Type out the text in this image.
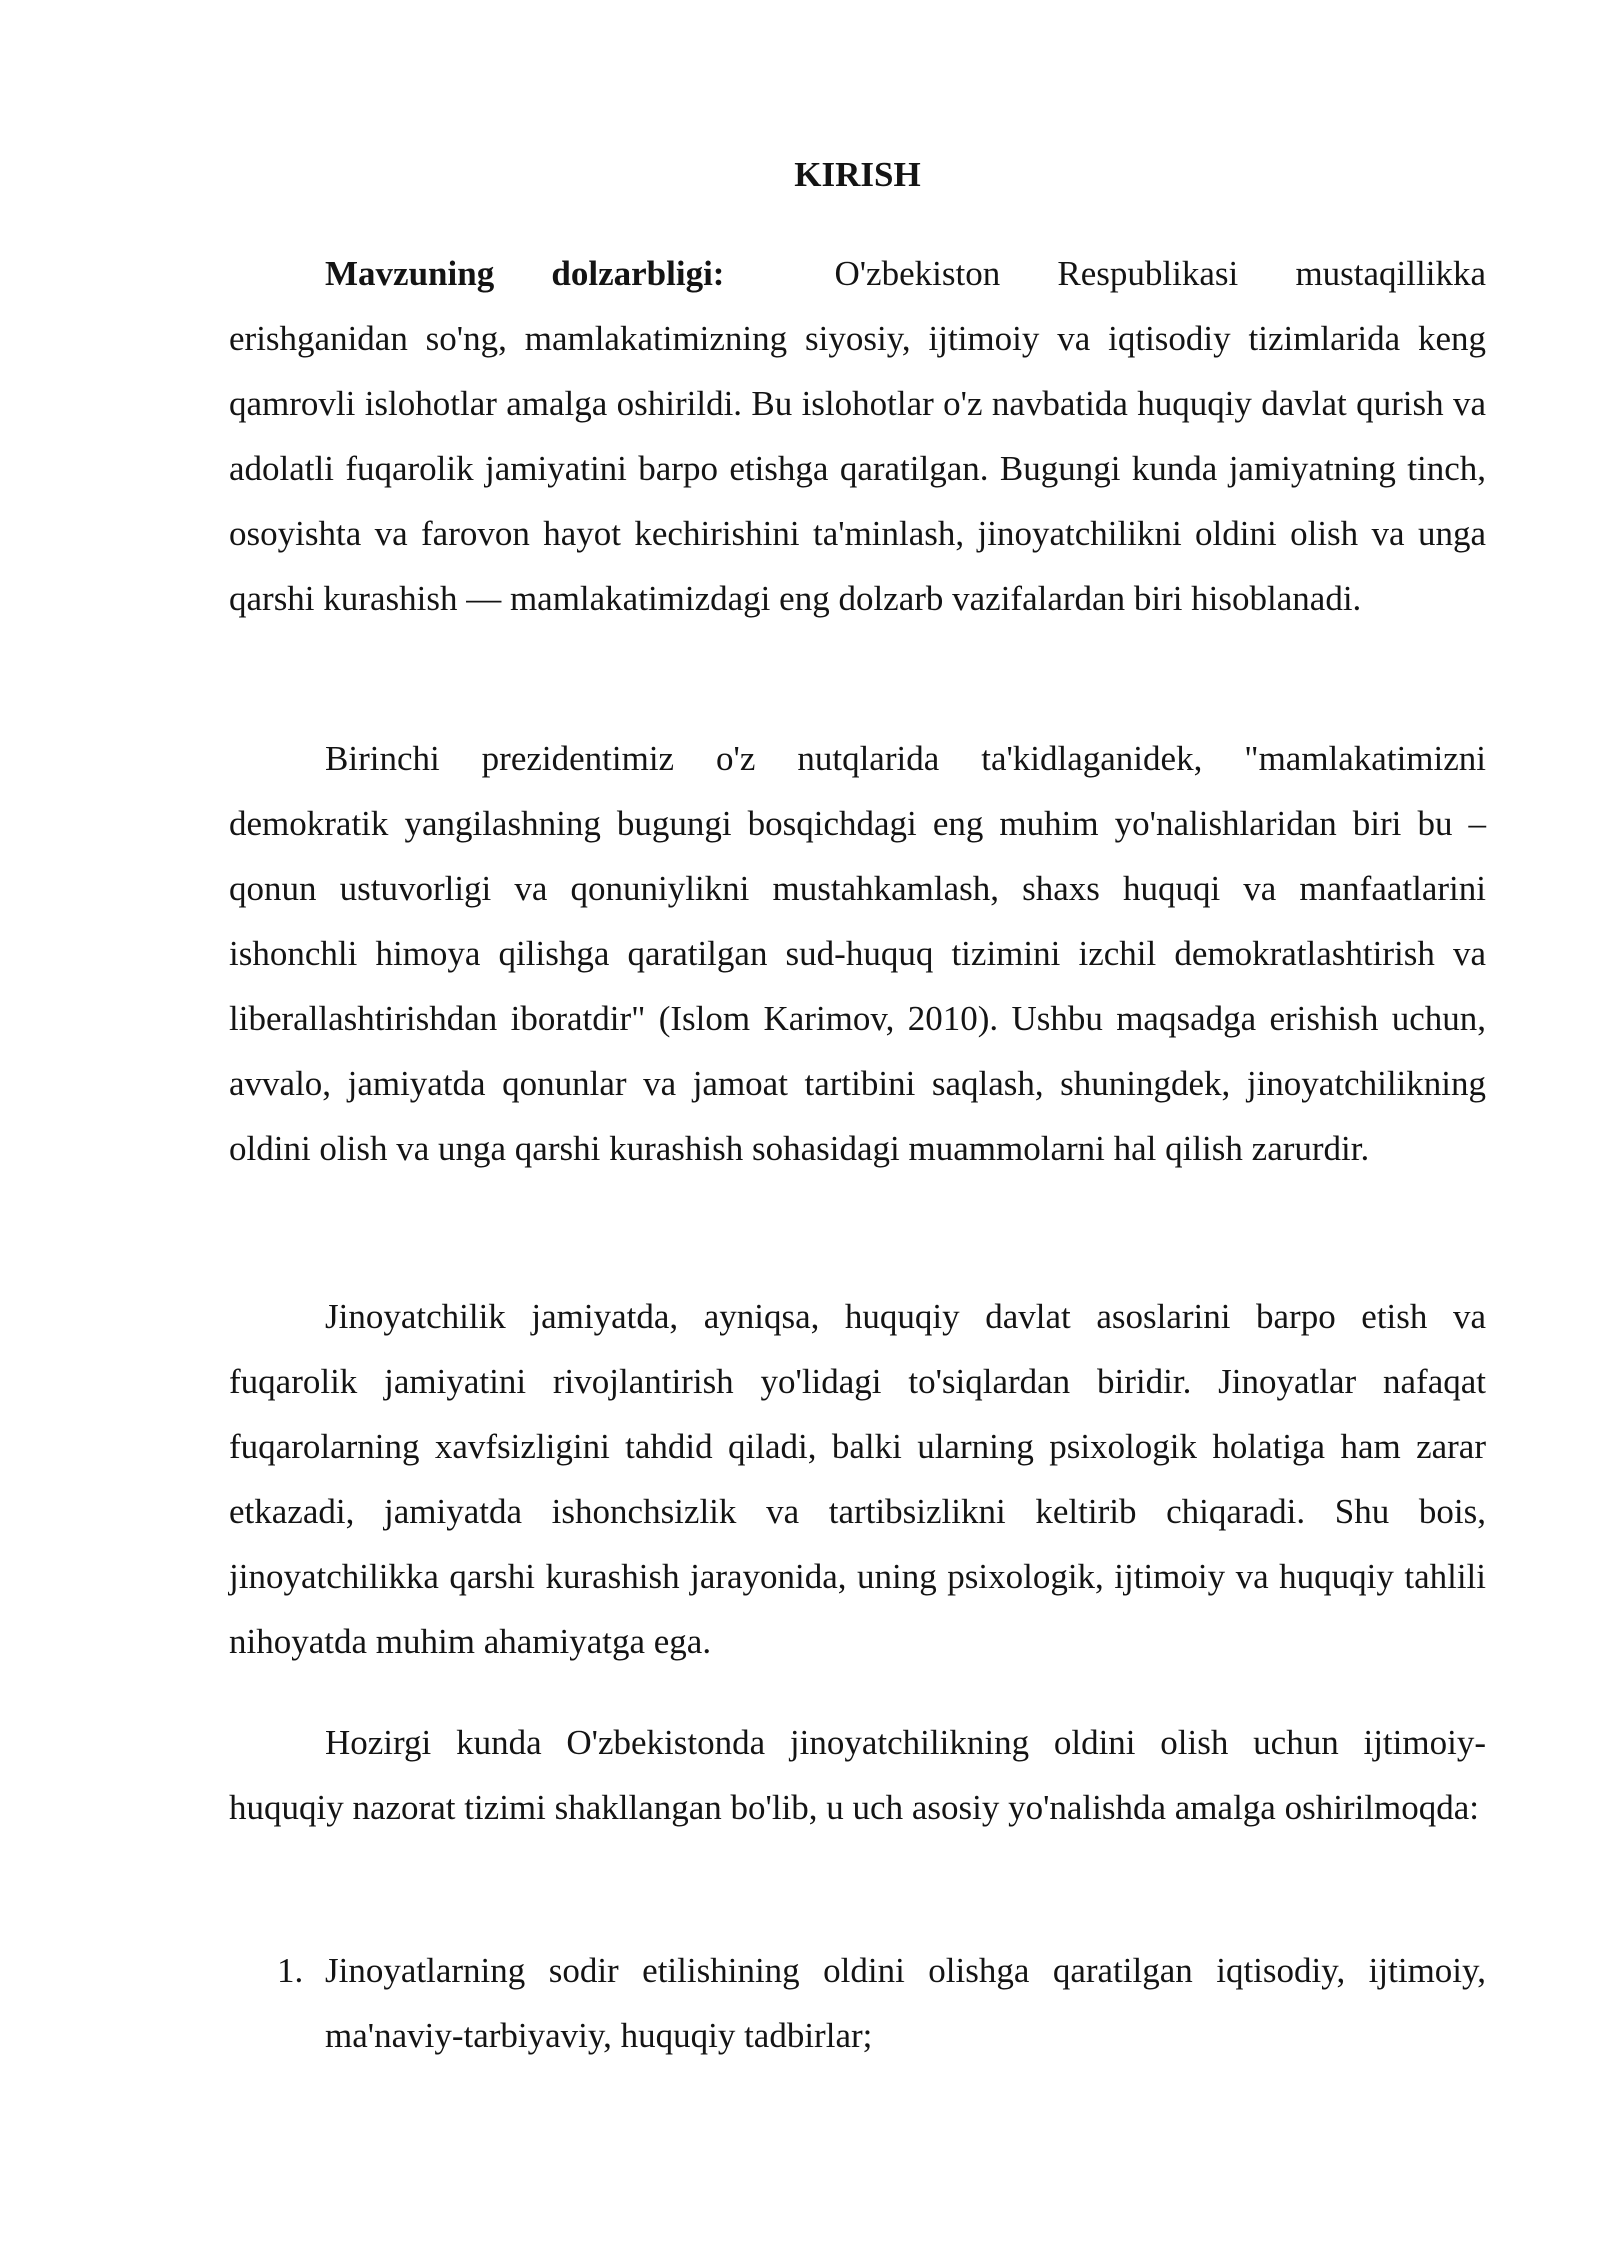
KIRISH

Mavzuning dolzarbligi:	O'zbekiston Respublikasi mustaqillikka erishganidan so'ng, mamlakatimizning siyosiy, ijtimoiy va iqtisodiy tizimlarida keng qamrovli islohotlar amalga oshirildi. Bu islohotlar o'z navbatida huquqiy davlat qurish va adolatli fuqarolik jamiyatini barpo etishga qaratilgan. Bugungi kunda jamiyatning tinch, osoyishta va farovon hayot kechirishini ta'minlash, jinoyatchilikni oldini olish va unga qarshi kurashish — mamlakatimizdagi eng dolzarb vazifalardan biri hisoblanadi.

Birinchi prezidentimiz o'z nutqlarida ta'kidlaganidek, "mamlakatimizni demokratik yangilashning bugungi bosqichdagi eng muhim yo'nalishlaridan biri bu – qonun ustuvorligi va qonuniylikni mustahkamlash, shaxs huquqi va manfaatlarini ishonchli himoya qilishga qaratilgan sud-huquq tizimini izchil demokratlashtirish va liberallashtirishdan iboratdir" (Islom Karimov, 2010). Ushbu maqsadga erishish uchun, avvalo, jamiyatda qonunlar va jamoat tartibini saqlash, shuningdek, jinoyatchilikning oldini olish va unga qarshi kurashish sohasidagi muammolarni hal qilish zarurdir.

Jinoyatchilik jamiyatda, ayniqsa, huquqiy davlat asoslarini barpo etish va fuqarolik jamiyatini rivojlantirish yo'lidagi to'siqlardan biridir. Jinoyatlar nafaqat fuqarolarning xavfsizligini tahdid qiladi, balki ularning psixologik holatiga ham zarar etkazadi, jamiyatda ishonchsizlik va tartibsizlikni keltirib chiqaradi. Shu bois, jinoyatchilikka qarshi kurashish jarayonida, uning psixologik, ijtimoiy va huquqiy tahlili nihoyatda muhim ahamiyatga ega.

Hozirgi kunda O'zbekistonda jinoyatchilikning oldini olish uchun ijtimoiy-huquqiy nazorat tizimi shakllangan bo'lib, u uch asosiy yo'nalishda amalga oshirilmoqda:

1. Jinoyatlarning sodir etilishining oldini olishga qaratilgan iqtisodiy, ijtimoiy, ma'naviy-tarbiyaviy, huquqiy tadbirlar;
